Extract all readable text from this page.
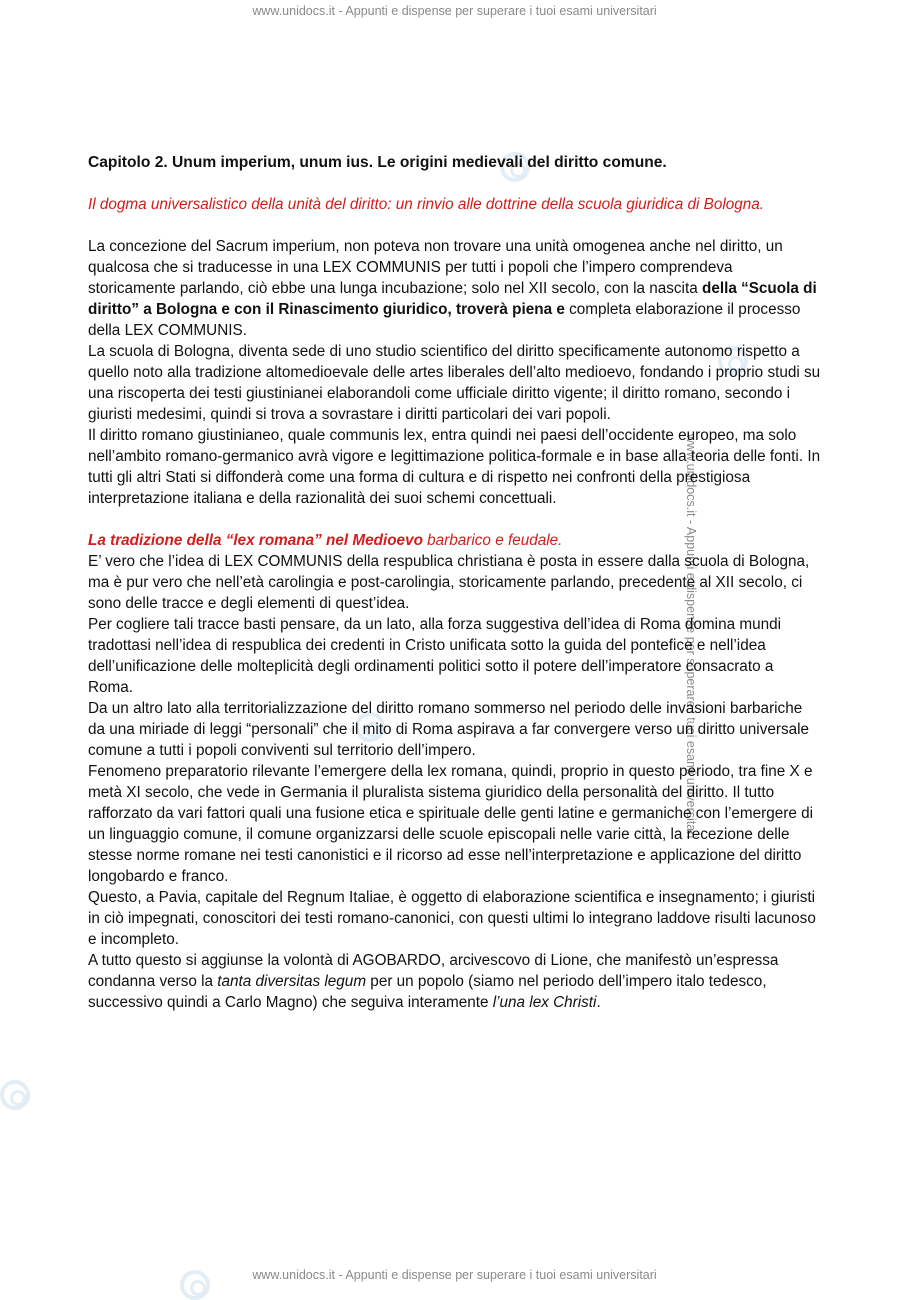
www.unidocs.it - Appunti e dispense per superare i tuoi esami universitari
www.unidocs.it - Appunti e dispense per superare i tuoi esami universitari
www.unidocs.it - Appunti e dispense per superare i tuoi esami universitari

Capitolo 2. Unum imperium, unum ius. Le origini medievali del diritto comune.

Il dogma universalistico della unità del diritto: un rinvio alle dottrine della scuola giuridica di Bologna.

La concezione del Sacrum imperium, non poteva non trovare una unità omogenea anche nel diritto, un qualcosa che si traducesse in una LEX COMMUNIS per tutti i popoli che l’impero comprendeva

storicamente parlando, ciò ebbe una lunga incubazione; solo nel XII secolo, con la nascita della “Scuola di diritto” a Bologna e con il Rinascimento giuridico, troverà piena e completa elaborazione il processo della LEX COMMUNIS.

La scuola di Bologna, diventa sede di uno studio scientifico del diritto specificamente autonomo rispetto a quello noto alla tradizione altomedioevale delle artes liberales dell’alto medioevo, fondando i proprio studi su una riscoperta dei testi giustinianei elaborandoli come ufficiale diritto vigente; il diritto romano, secondo i giuristi medesimi, quindi si trova a sovrastare i diritti particolari dei vari popoli.

Il diritto romano giustinianeo, quale communis lex, entra quindi nei paesi dell’occidente europeo, ma solo nell’ambito romano-germanico avrà vigore e legittimazione politica-formale e in base alla teoria delle fonti. In tutti gli altri Stati si diffonderà come una forma di cultura e di rispetto nei confronti della prestigiosa interpretazione italiana e della razionalità dei suoi schemi concettuali.

La tradizione della “lex romana” nel Medioevo barbarico e feudale.

E’ vero che l’idea di LEX COMMUNIS della respublica christiana è posta in essere dalla scuola di Bologna, ma è pur vero che nell’età carolingia e post-carolingia, storicamente parlando, precedente al XII secolo, ci sono delle tracce e degli elementi di quest’idea.

Per cogliere tali tracce basti pensare, da un lato, alla forza suggestiva dell’idea di Roma domina mundi tradottasi nell’idea di respublica dei credenti in Cristo unificata sotto la guida del pontefice e nell’idea dell’unificazione delle molteplicità degli ordinamenti politici sotto il potere dell’imperatore consacrato a Roma.

Da un altro lato alla territorializzazione del diritto romano sommerso nel periodo delle invasioni barbariche da una miriade di leggi “personali” che il mito di Roma aspirava a far convergere verso un diritto universale comune a tutti i popoli conviventi sul territorio dell’impero.

Fenomeno preparatorio rilevante l’emergere della lex romana, quindi, proprio in questo periodo, tra fine X e metà XI secolo, che vede in Germania il pluralista sistema giuridico della personalità del diritto. Il tutto rafforzato da vari fattori quali una fusione etica e spirituale delle genti latine e germaniche con l’emergere di un linguaggio comune, il comune organizzarsi delle scuole episcopali nelle varie città, la recezione delle stesse norme romane nei testi canonistici e il ricorso ad esse nell’interpretazione e applicazione del diritto longobardo e franco.

Questo, a Pavia, capitale del Regnum Italiae, è oggetto di elaborazione scientifica e insegnamento; i giuristi in ciò impegnati, conoscitori dei testi romano-canonici, con questi ultimi lo integrano laddove risulti lacunoso e incompleto.

A tutto questo si aggiunse la volontà di AGOBARDO, arcivescovo di Lione, che manifestò un’espressa condanna verso la tanta diversitas legum per un popolo (siamo nel periodo dell’impero italo tedesco, successivo quindi a Carlo Magno) che seguiva interamente l’una lex Christi.
